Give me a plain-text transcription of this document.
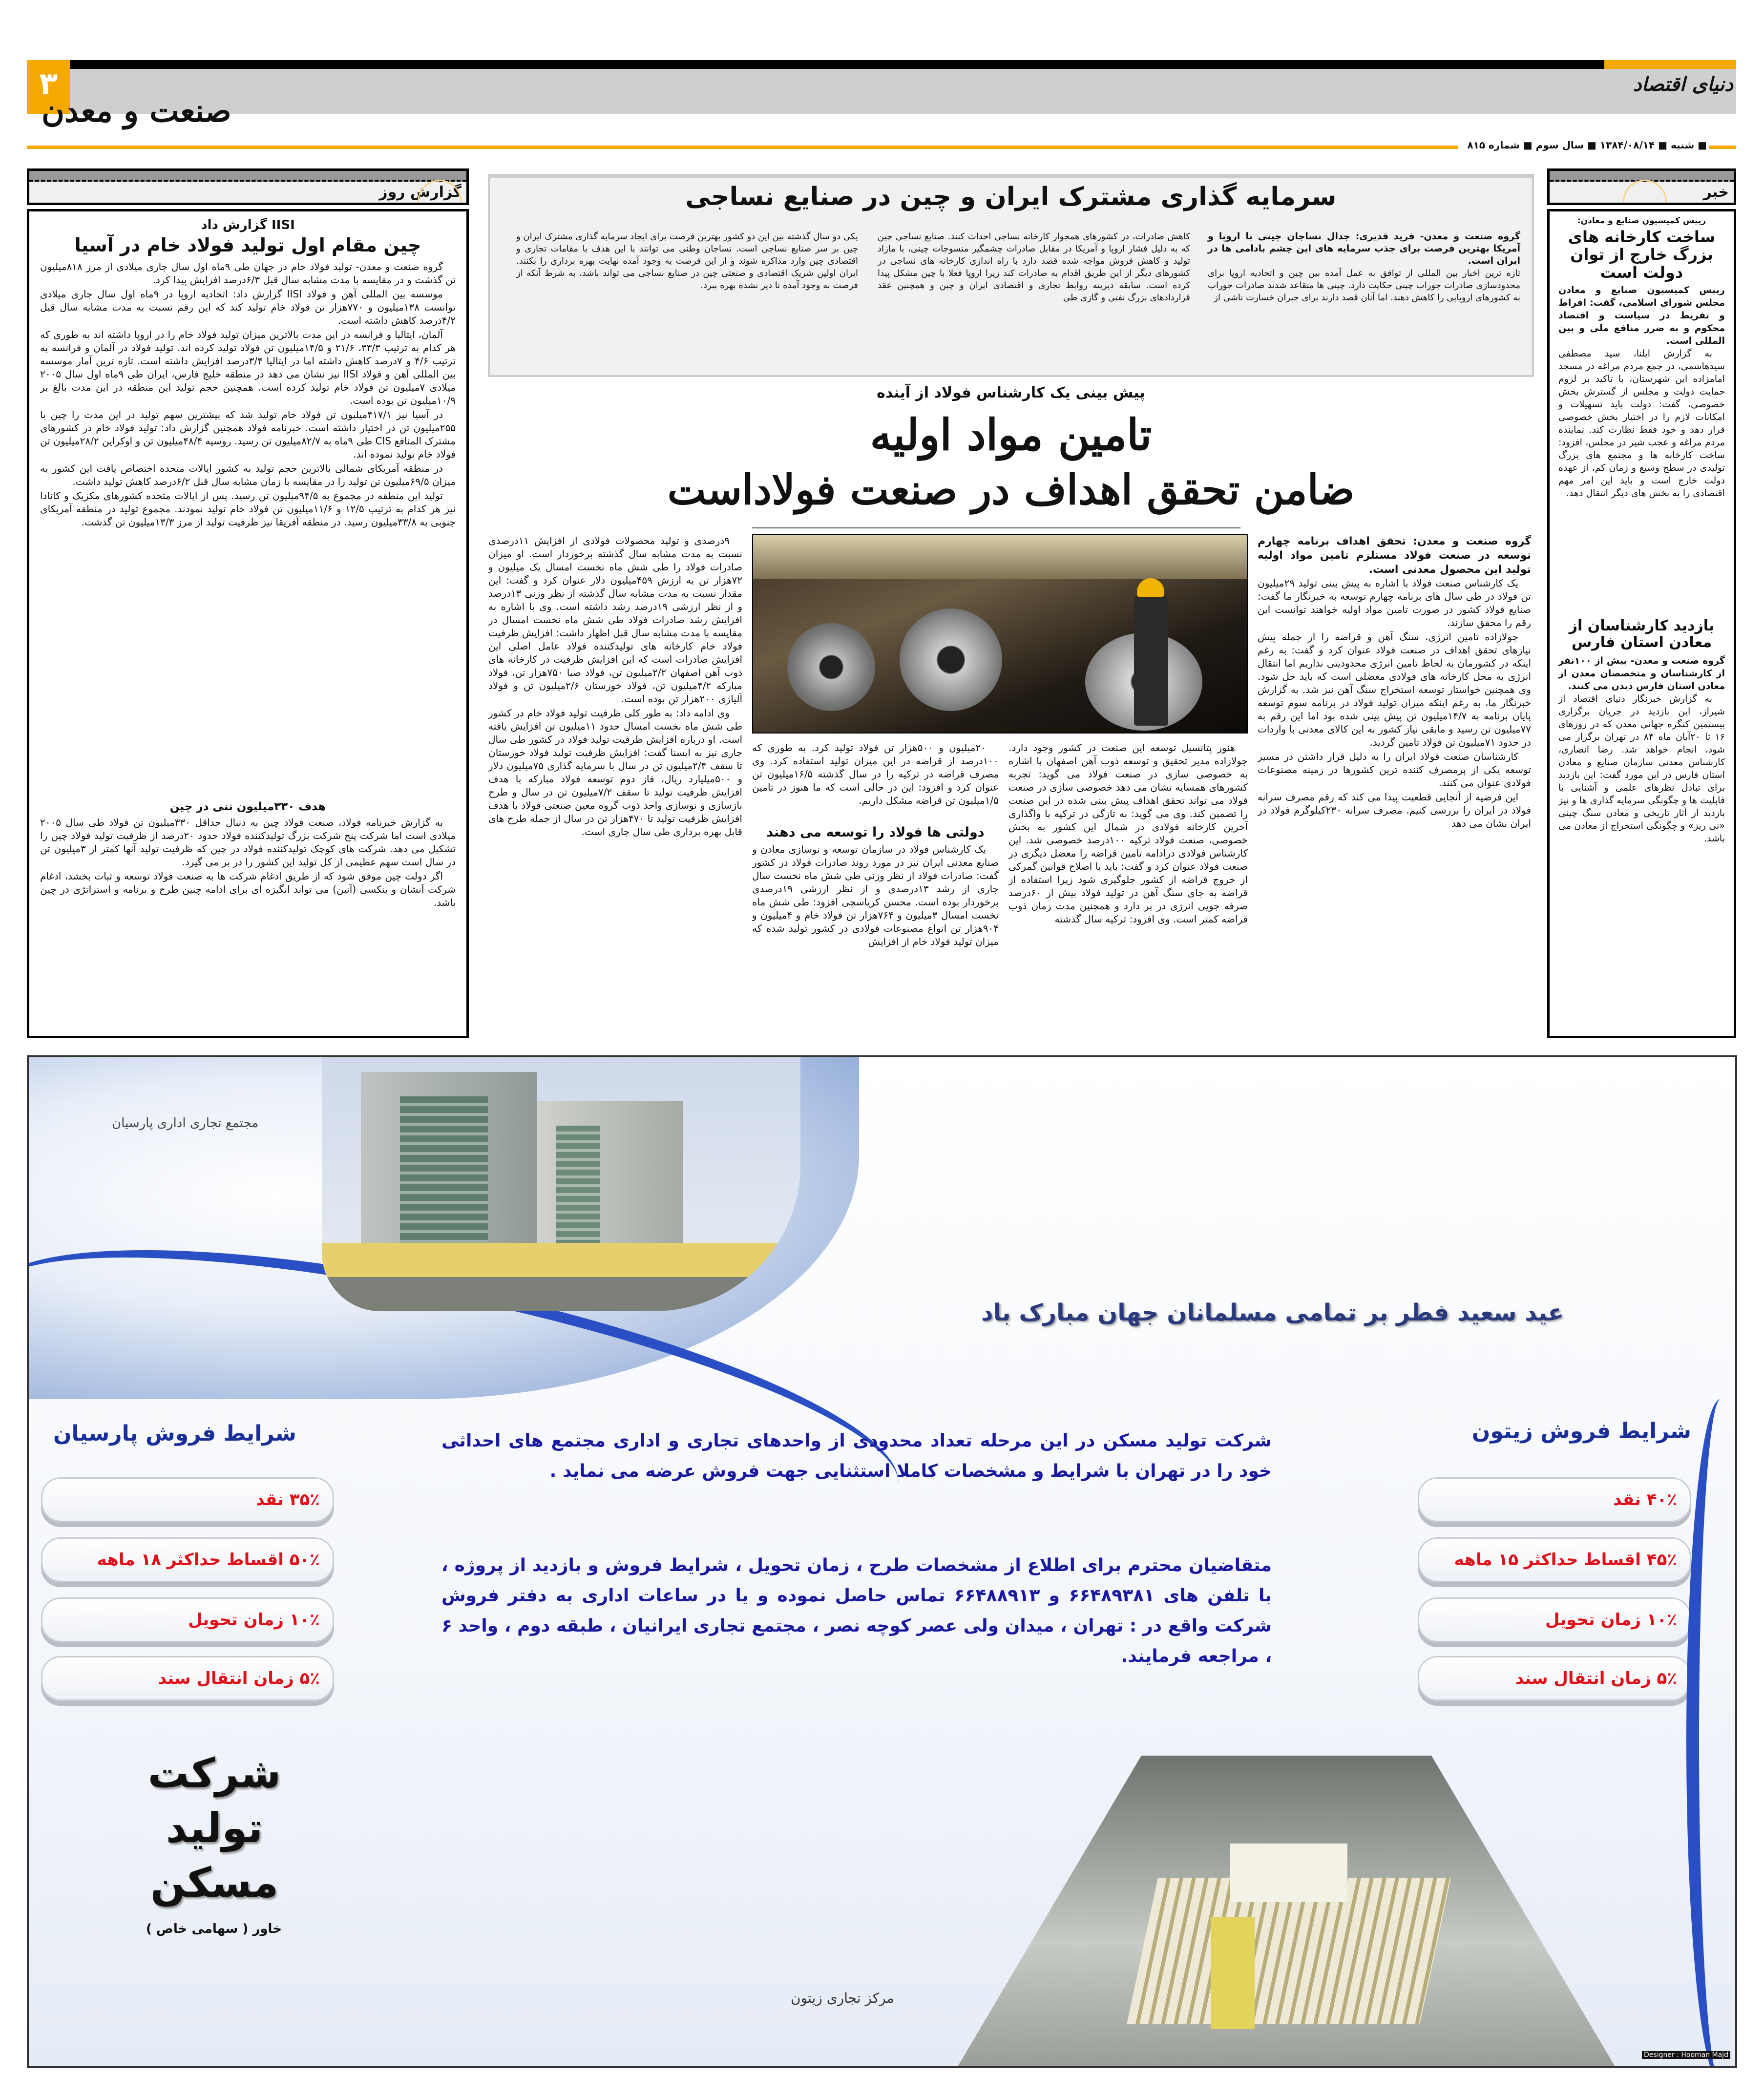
۳	دنیای اقتصاد
صنعت و معدن
■ شنبه ■ ۱۳۸۴/۰۸/۱۴ ■ سال سوم ■ شماره ۸۱۵
گزارش روز
IISI گزارش داد
چین مقام اول تولید فولاد خام در آسیا

گروه صنعت و معدن- تولید فولاد خام در جهان طی ۹ماه اول سال جاری میلادی از مرز ۸۱۸میلیون تن گذشت و در مقایسه با مدت مشابه سال قبل ۶/۳درصد افزایش پیدا کرد.

موسسه بین المللی آهن و فولاد IISI گزارش داد: اتحادیه اروپا در ۹ماه اول سال جاری میلادی توانست ۱۳۸میلیون و ۷۷۰هزار تن فولاد خام تولید کند که این رقم نسبت به مدت مشابه سال قبل ۴/۲درصد کاهش داشته است.

آلمان، ایتالیا و فرانسه در این مدت بالاترین میزان تولید فولاد خام را در اروپا داشته اند به طوری که هر کدام به ترتیب ۳۳/۳، ۲۱/۶ و ۱۴/۵میلیون تن فولاد تولید کرده اند. تولید فولاد در آلمان و فرانسه به ترتیب ۴/۶ و ۷درصد کاهش داشته اما در ایتالیا ۳/۴درصد افزایش داشته است. تازه ترین آمار موسسه بین المللی آهن و فولاد IISI نیز نشان می دهد در منطقه خلیج فارس، ایران طی ۹ماه اول سال ۲۰۰۵ میلادی ۷میلیون تن فولاد خام تولید کرده است. همچنین حجم تولید این منطقه در این مدت بالغ بر ۱۰/۹میلیون تن بوده است.

در آسیا نیز ۴۱۷/۱میلیون تن فولاد خام تولید شد که بیشترین سهم تولید در این مدت را چین با ۲۵۵میلیون تن در اختیار داشته است. خبرنامه فولاد همچنین گزارش داد: تولید فولاد خام در کشورهای مشترک المنافع CIS طی ۹ماه به ۸۲/۷میلیون تن رسید. روسیه ۴۸/۴میلیون تن و اوکراین ۲۸/۲میلیون تن فولاد خام تولید نموده اند.

در منطقه آمریکای شمالی بالاترین حجم تولید به کشور ایالات متحده اختصاص یافت این کشور به میزان ۶۹/۵میلیون تن تولید را در مقایسه با زمان مشابه سال قبل ۶/۲درصد کاهش تولید داشت.

تولید این منطقه در مجموع به ۹۴/۵میلیون تن رسید. پس از ایالات متحده کشورهای مکزیک و کانادا نیز هر کدام به ترتیب ۱۲/۵ و ۱۱/۶میلیون تن فولاد خام تولید نمودند. مجموع تولید در منطقه آمریکای جنوبی به ۳۳/۸میلیون رسید. در منطقه آفریقا نیز ظرفیت تولید از مرز ۱۳/۳میلیون تن گذشت.

هدف ۳۳۰میلیون تنی در چین

به گزارش خبرنامه فولاد، صنعت فولاد چین به دنبال حداقل ۳۳۰میلیون تن فولاد طی سال ۲۰۰۵ میلادی است اما شرکت پنج شرکت بزرگ تولیدکننده فولاد حدود ۲۰درصد از ظرفیت تولید فولاد چین را تشکیل می دهد. شرکت های کوچک تولیدکننده فولاد در چین که ظرفیت تولید آنها کمتر از ۳میلیون تن در سال است سهم عظیمی از کل تولید این کشور را در بر می گیرد.

اگر دولت چین موفق شود که از طریق ادغام شرکت ها به صنعت فولاد توسعه و ثبات بخشد، ادغام شرکت آنشان و بنکسی (آنبن) می تواند انگیزه ای برای ادامه چنین طرح و برنامه و استراتژی در چین باشد.

خبر
رییس کمیسیون صنایع و معادن:
ساخت کارخانه های بزرگ خارج از توان دولت است
رییس کمیسیون صنایع و معادن مجلس شورای اسلامی، گفت: افراط و تفریط در سیاست و اقتصاد محکوم و به ضرر منافع ملی و بین المللی است.

به گزارش ایلنا، سید مصطفی سیدهاشمی، در جمع مردم مراغه در مسجد امامزاده این شهرستان، با تاکید بر لزوم حمایت دولت و مجلس از گسترش بخش خصوصی، گفت: دولت باید تسهیلات و امکانات لازم را در اختیار بخش خصوصی قرار دهد و خود فقط نظارت کند. نماینده مردم مراغه و عجب شیر در مجلس، افزود: ساخت کارخانه ها و مجتمع های بزرگ تولیدی در سطح وسیع و زمان کم، از عهده دولت خارج است و باید این امر مهم اقتصادی را به بخش های دیگر انتقال دهد.

بازدید کارشناسان از معادن استان فارس
گروه صنعت و معدن- بیش از ۱۰۰نفر از کارشناسان و متخصصان معدن از معادن استان فارس دیدن می کنند.

به گزارش خبرنگار دنیای اقتصاد از شیراز، این بازدید در جریان برگزاری بیستمین کنگره جهانی معدن که در روزهای ۱۶ تا ۲۰آبان ماه ۸۴ در تهران برگزار می شود، انجام خواهد شد. رضا انصاری، کارشناس معدنی سازمان صنایع و معادن استان فارس در این مورد گفت: این بازدید برای تبادل نظرهای علمی و آشنایی با قابلیت ها و چگونگی سرمایه گذاری ها و نیز بازدید از آثار تاریخی و معادن سنگ چینی «نی ریز» و چگونگی استخراج از معادن می باشد.

سرمایه گذاری مشترک ایران و چین در صنایع نساجی
گروه صنعت و معدن- فرید قدیری: جدال نساجان چینی با اروپا و آمریکا بهترین فرصت برای جذب سرمایه های این چشم بادامی ها در ایران است.
تازه ترین اخبار بین المللی از توافق به عمل آمده بین چین و اتحادیه اروپا برای محدودسازی صادرات جوراب چینی حکایت دارد. چینی ها متقاعد شدند صادرات جوراب به کشورهای اروپایی را کاهش دهند. اما آنان قصد دارند برای جبران خسارت ناشی از
کاهش صادرات، در کشورهای همجوار کارخانه نساجی احداث کنند. صنایع نساجی چین که به دلیل فشار اروپا و آمریکا در مقابل صادرات چشمگیر منسوجات چینی، با مازاد تولید و کاهش فروش مواجه شده قصد دارد با راه اندازی کارخانه های نساجی در کشورهای دیگر از این طریق اقدام به صادرات کند زیرا اروپا فعلا با چین مشکل پیدا کرده است. سابقه دیرینه روابط تجاری و اقتصادی ایران و چین و همچنین عقد قراردادهای بزرگ نفتی و گازی طی
یکی دو سال گذشته بین این دو کشور بهترین فرصت برای ایجاد سرمایه گذاری مشترک ایران و چین بر سر صنایع نساجی است. نساجان وطنی می توانند با این هدف با مقامات تجاری و اقتصادی چین وارد مذاکره شوند و از این فرصت به وجود آمده نهایت بهره برداری را بکنند. ایران اولین شریک اقتصادی و صنعتی چین در صنایع نساجی می تواند باشد، به شرط آنکه از فرصت به وجود آمده تا دیر نشده بهره ببرد.
پیش بینی یک کارشناس فولاد از آینده
تامین مواد اولیه
ضامن تحقق اهداف در صنعت فولاداست
گروه صنعت و معدن: تحقق اهداف برنامه چهارم توسعه در صنعت فولاد مستلزم تامین مواد اولیه تولید این محصول معدنی است.

یک کارشناس صنعت فولاد با اشاره به پیش بینی تولید ۲۹میلیون تن فولاد در طی سال های برنامه چهارم توسعه به خبرنگار ما گفت: صنایع فولاد کشور در صورت تامین مواد اولیه خواهند توانست این رقم را محقق سازند.

جولازاده تامین انرژی، سنگ آهن و قراضه را از جمله پیش نیازهای تحقق اهداف در صنعت فولاد عنوان کرد و گفت: به رغم اینکه در کشورمان به لحاظ تامین انرژی محدودیتی نداریم اما انتقال انرژی به محل کارخانه های فولادی معضلی است که باید حل شود. وی همچنین خواستار توسعه استخراج سنگ آهن نیز شد. به گزارش خبرنگار ما، به رغم اینکه میزان تولید فولاد در برنامه سوم توسعه پایان برنامه به ۱۴/۷میلیون تن پیش بینی شده بود اما این رقم به ۷۷میلیون تن رسید و مابقی نیاز کشور به این کالای معدنی با واردات در حدود ۷۱میلیون تن فولاد تامین گردید.

کارشناسان صنعت فولاد ایران را به دلیل قرار داشتن در مسیر توسعه یکی از پرمصرف کننده ترین کشورها در زمینه مصنوعات فولادی عنوان می کنند.

این فرضیه از آنجایی قطعیت پیدا می کند که رقم مصرف سرانه فولاد در ایران را بررسی کنیم. مصرف سرانه ۲۳۰کیلوگرم فولاد در ایران نشان می دهد

هنوز پتانسیل توسعه این صنعت در کشور وجود دارد. جولازاده مدیر تحقیق و توسعه ذوب آهن اصفهان با اشاره به خصوصی سازی در صنعت فولاد می گوید: تجربه کشورهای همسایه نشان می دهد خصوصی سازی در صنعت فولاد می تواند تحقق اهداف پیش بینی شده در این صنعت را تضمین کند. وی می گوید: به تازگی در ترکیه با واگذاری آخرین کارخانه فولادی در شمال این کشور به بخش خصوصی، صنعت فولاد ترکیه ۱۰۰درصد خصوصی شد. این کارشناس فولادی درادامه تامین قراضه را معضل دیگری در صنعت فولاد عنوان کرد و گفت: باید با اصلاح قوانین گمرکی از خروج قراضه از کشور جلوگیری شود زیرا استفاده از قراضه به جای سنگ آهن در تولید فولاد بیش از ۶۰درصد صرفه جویی انرژی در بر دارد و همچنین مدت زمان ذوب قراضه کمتر است. وی افزود: ترکیه سال گذشته

۲۰میلیون و ۵۰۰هزار تن فولاد تولید کرد. به طوری که ۱۰۰درصد از قراضه در این میزان تولید استفاده کرد. وی مصرف قراضه در ترکیه را در سال گذشته ۱۶/۵میلیون تن عنوان کرد و افزود: این در حالی است که ما هنوز در تامین ۱/۵میلیون تن قراضه مشکل داریم.

دولتی ها فولاد را توسعه می دهند

یک کارشناس فولاد در سازمان توسعه و نوسازی معادن و صنایع معدنی ایران نیز در مورد روند صادرات فولاد در کشور گفت: صادرات فولاد از نظر وزنی طی شش ماه نخست سال جاری از رشد ۱۳درصدی و از نظر ارزشی ۱۹درصدی برخوردار بوده است. محسن کریاسچی افزود: طی شش ماه نخست امسال ۳میلیون و ۷۶۴هزار تن فولاد خام و ۴میلیون و ۹۰۴هزار تن انواع مصنوعات فولادی در کشور تولید شده که میزان تولید فولاد خام از افزایش

۹درصدی و تولید محصولات فولادی از افزایش ۱۱درصدی نسبت به مدت مشابه سال گذشته برخوردار است. او میزان صادرات فولاد را طی شش ماه نخست امسال یک میلیون و ۷۲هزار تن به ارزش ۴۵۹میلیون دلار عنوان کرد و گفت: این مقدار نسبت به مدت مشابه سال گذشته از نظر وزنی ۱۳درصد و از نظر ارزشی ۱۹درصد رشد داشته است. وی با اشاره به افزایش رشد صادرات فولاد طی شش ماه نخست امسال در مقایسه با مدت مشابه سال قبل اظهار داشت: افزایش ظرفیت فولاد خام کارخانه های تولیدکننده فولاد عامل اصلی این افزایش صادرات است که این افزایش ظرفیت در کارخانه های ذوب آهن اصفهان ۲/۲میلیون تن، فولاد صبا ۷۵۰هزار تن، فولاد مبارکه ۴/۲میلیون تن، فولاد خوزستان ۲/۶میلیون تن و فولاد آلیاژی ۲۰۰هزار تن بوده است.

وی ادامه داد: به طور کلی ظرفیت تولید فولاد خام در کشور طی شش ماه نخست امسال حدود ۱۱میلیون تن افزایش یافته است. او درباره افزایش ظرفیت تولید فولاد در کشور طی سال جاری نیز به ایسنا گفت: افزایش ظرفیت تولید فولاد خوزستان تا سقف ۲/۴میلیون تن در سال با سرمایه گذاری ۷۵میلیون دلار و ۵۰۰میلیارد ریال، فاز دوم توسعه فولاد مبارکه با هدف افزایش ظرفیت تولید تا سقف ۷/۲میلیون تن در سال و طرح بازسازی و نوسازی واحد ذوب گروه معین صنعتی فولاد با هدف افزایش ظرفیت تولید تا ۴۷۰هزار تن در سال از جمله طرح های قابل بهره برداری طی سال جاری است.

مجتمع تجاری اداری پارسیان
عید سعید فطر بر تمامی مسلمانان جهان مبارک باد
شرایط فروش پارسیان
۳۵٪ نقد
۵۰٪ اقساط حداکثر ۱۸ ماهه
۱۰٪ زمان تحویل
۵٪ زمان انتقال سند
شرایط فروش زیتون
۴۰٪ نقد
۴۵٪ اقساط حداکثر ۱۵ ماهه
۱۰٪ زمان تحویل
۵٪ زمان انتقال سند
شرکت تولید مسکن در این مرحله تعداد محدودی از واحدهای تجاری و اداری مجتمع های احداثی خود را در تهران با شرایط و مشخصات کاملا استثنایی جهت فروش عرضه می نماید .
متقاضیان محترم برای اطلاع از مشخصات طرح ، زمان تحویل ، شرایط فروش و بازدید از پروژه ، با تلفن های ۶۶۴۸۹۳۸۱ و ۶۶۴۸۸۹۱۳ تماس حاصل نموده و یا در ساعات اداری به دفتر فروش شرکت واقع در : تهران ، میدان ولی عصر کوچه نصر ، مجتمع تجاری ایرانیان ، طبقه دوم ، واحد ۶ ، مراجعه فرمایند.
شرکت
تولید
مسکن
خاور ( سهامی خاص )
مرکز تجاری زیتون
Designer : Hooman Majd
